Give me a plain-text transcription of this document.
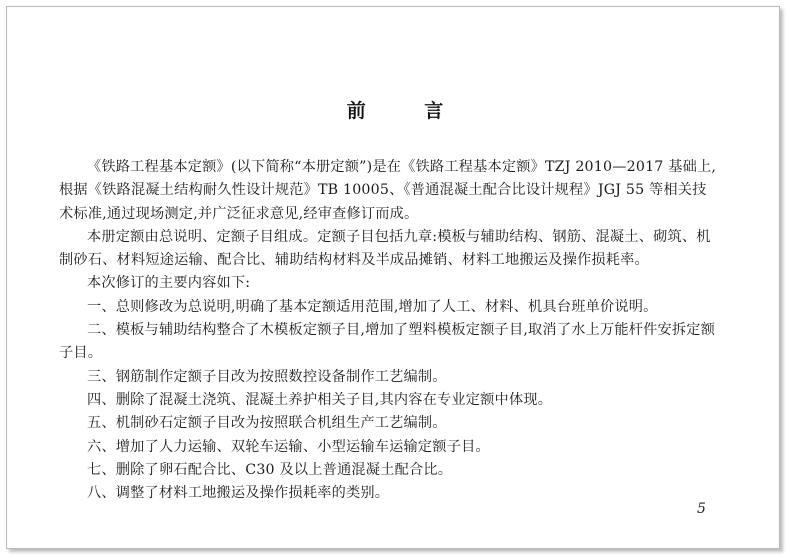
前 言

《铁路工程基本定额》(以下简称“本册定额”)是在《铁路工程基本定额》TZJ 2010—2017 基础上,根据《铁路混凝土结构耐久性设计规范》TB 10005、《普通混凝土配合比设计规程》JGJ 55 等相关技术标准,通过现场测定,并广泛征求意见,经审查修订而成。

本册定额由总说明、定额子目组成。定额子目包括九章:模板与辅助结构、钢筋、混凝土、砌筑、机制砂石、材料短途运输、配合比、辅助结构材料及半成品摊销、材料工地搬运及操作损耗率。

本次修订的主要内容如下:

一、总则修改为总说明,明确了基本定额适用范围,增加了人工、材料、机具台班单价说明。

二、模板与辅助结构整合了木模板定额子目,增加了塑料模板定额子目,取消了水上万能杆件安拆定额子目。

三、钢筋制作定额子目改为按照数控设备制作工艺编制。

四、删除了混凝土浇筑、混凝土养护相关子目,其内容在专业定额中体现。

五、机制砂石定额子目改为按照联合机组生产工艺编制。

六、增加了人力运输、双轮车运输、小型运输车运输定额子目。

七、删除了卵石配合比、C30 及以上普通混凝土配合比。

八、调整了材料工地搬运及操作损耗率的类别。

5
